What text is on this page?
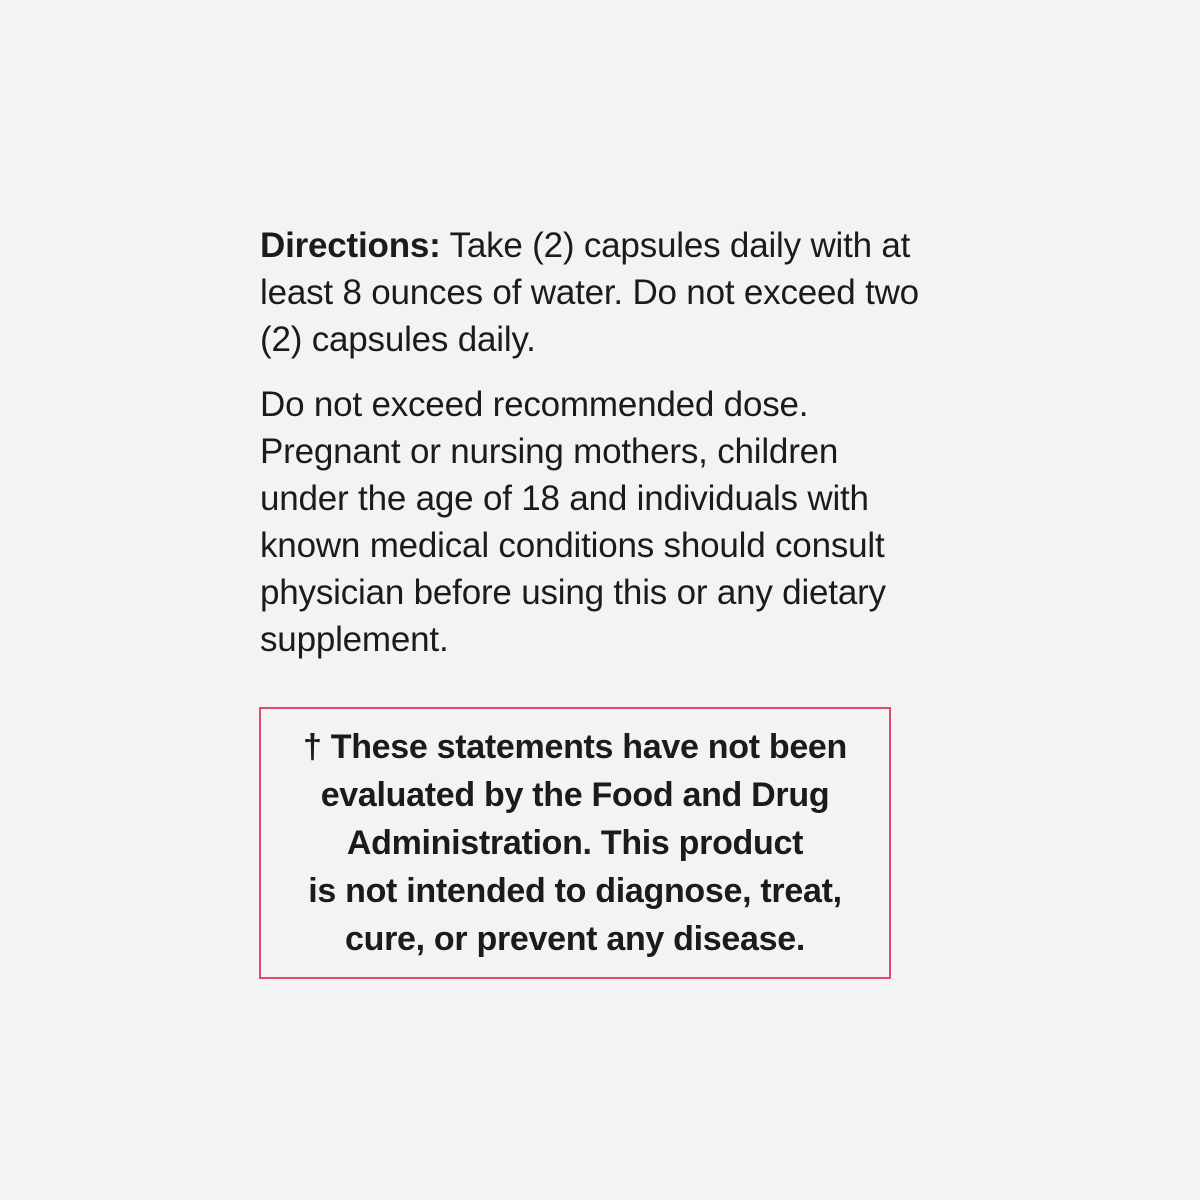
Directions: Take (2) capsules daily with at
least 8 ounces of water. Do not exceed two
(2) capsules daily.

Do not exceed recommended dose.
Pregnant or nursing mothers, children
under the age of 18 and individuals with
known medical conditions should consult
physician before using this or any dietary
supplement.

† These statements have not been
evaluated by the Food and Drug
Administration. This product
is not intended to diagnose, treat,
cure, or prevent any disease.
